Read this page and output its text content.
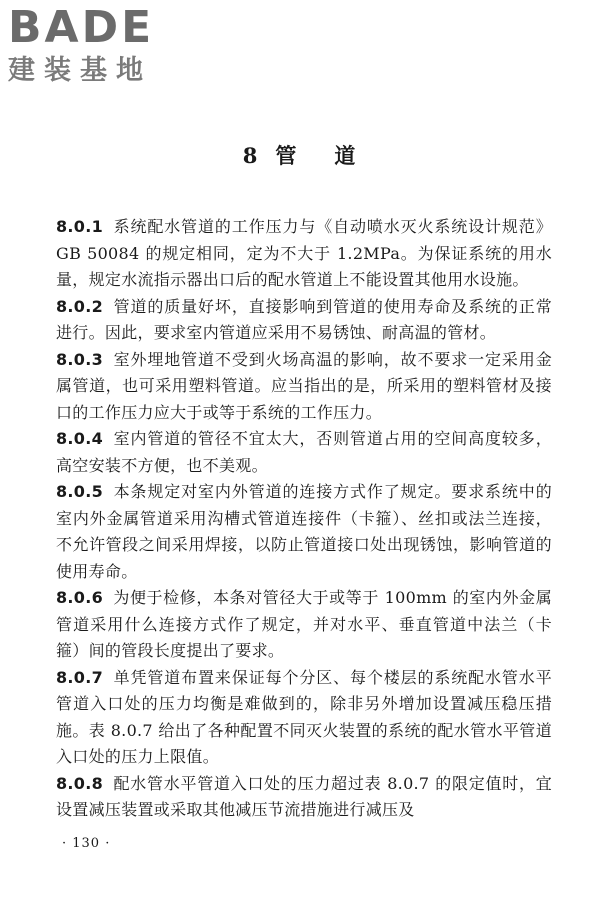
BADE
建装基地
8 管 道
8.0.1 系统配水管道的工作压力与《自动喷水灭火系统设计规范》GB 50084 的规定相同，定为不大于 1.2MPa。为保证系统的用水量，规定水流指示器出口后的配水管道上不能设置其他用水设施。
8.0.2 管道的质量好坏，直接影响到管道的使用寿命及系统的正常进行。因此，要求室内管道应采用不易锈蚀、耐高温的管材。
8.0.3 室外埋地管道不受到火场高温的影响，故不要求一定采用金属管道，也可采用塑料管道。应当指出的是，所采用的塑料管材及接口的工作压力应大于或等于系统的工作压力。
8.0.4 室内管道的管径不宜太大，否则管道占用的空间高度较多，高空安装不方便，也不美观。
8.0.5 本条规定对室内外管道的连接方式作了规定。要求系统中的室内外金属管道采用沟槽式管道连接件（卡箍）、丝扣或法兰连接，不允许管段之间采用焊接，以防止管道接口处出现锈蚀，影响管道的使用寿命。
8.0.6 为便于检修，本条对管径大于或等于 100mm 的室内外金属管道采用什么连接方式作了规定，并对水平、垂直管道中法兰（卡箍）间的管段长度提出了要求。
8.0.7 单凭管道布置来保证每个分区、每个楼层的系统配水管水平管道入口处的压力均衡是难做到的，除非另外增加设置减压稳压措施。表 8.0.7 给出了各种配置不同灭火装置的系统的配水管水平管道入口处的压力上限值。
8.0.8 配水管水平管道入口处的压力超过表 8.0.7 的限定值时，宜设置减压装置或采取其他减压节流措施进行减压及
· 130 ·
